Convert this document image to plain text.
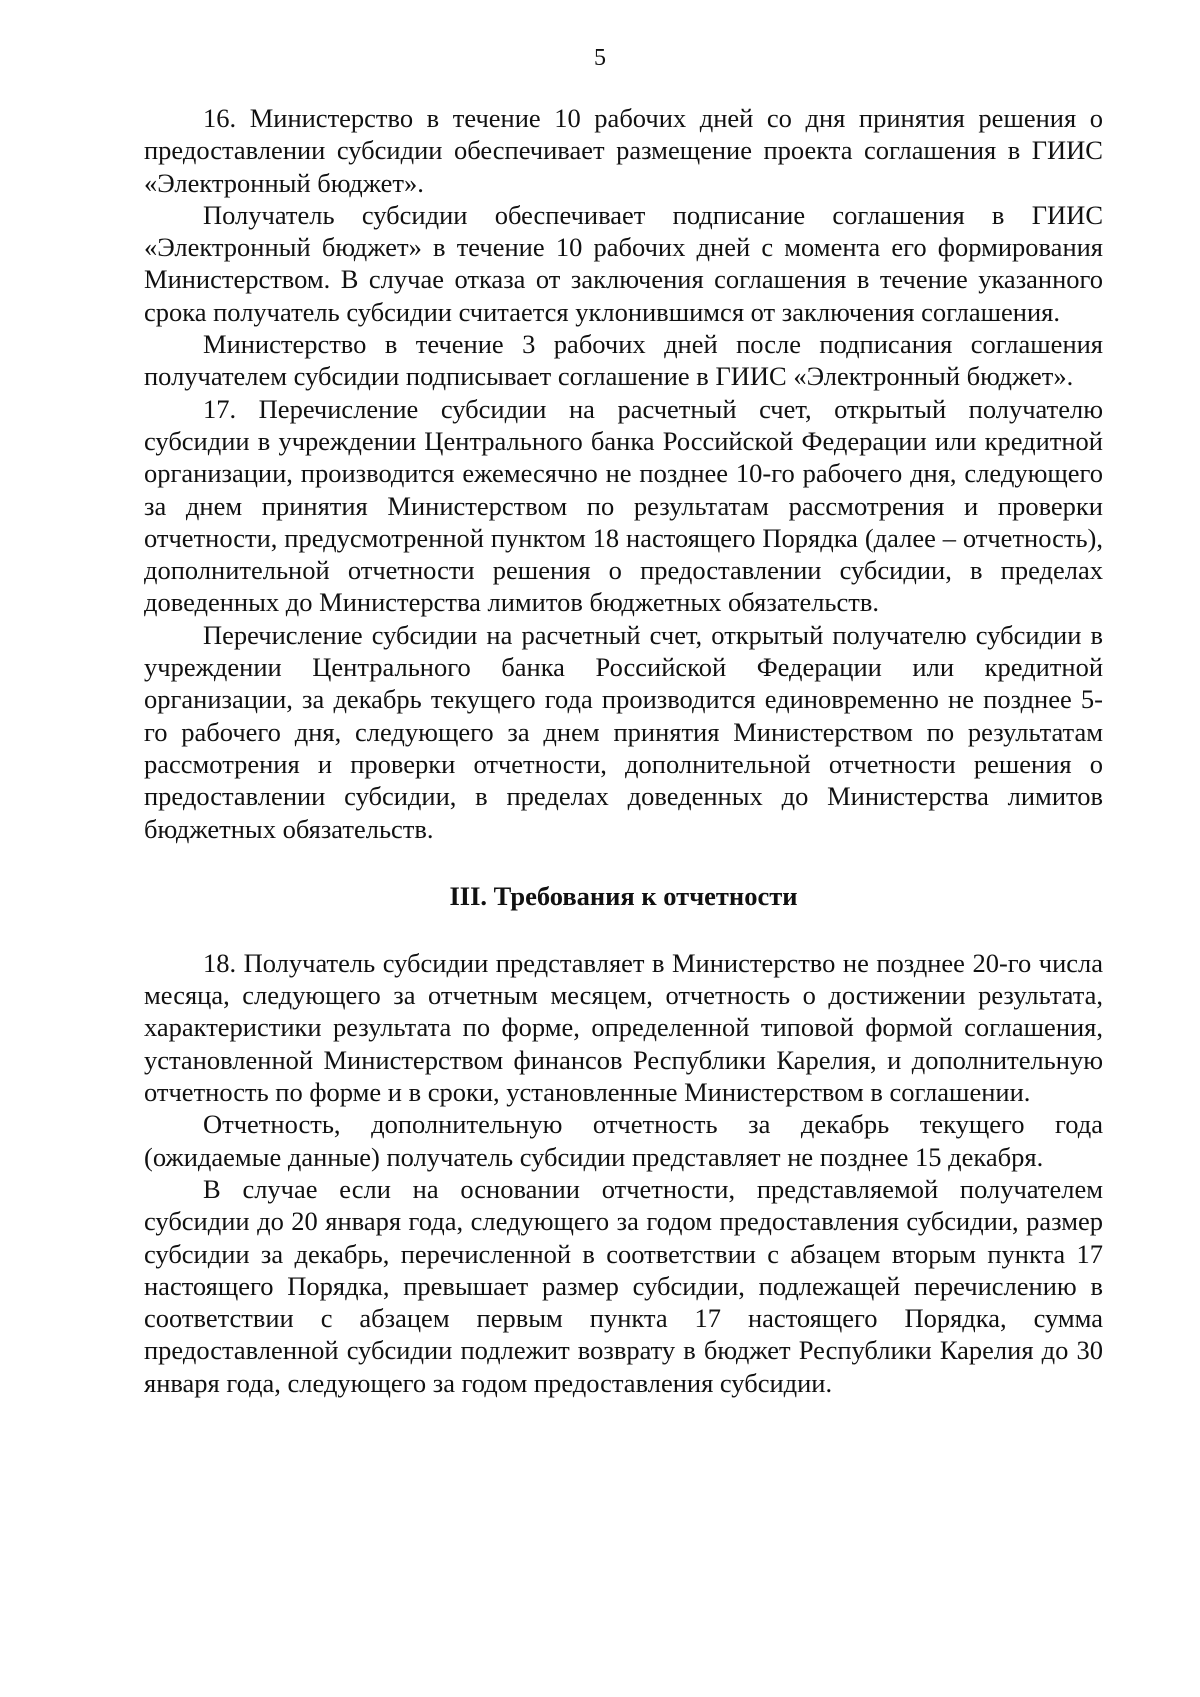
5

16. Министерство в течение 10 рабочих дней со дня принятия решения о предоставлении субсидии обеспечивает размещение проекта соглашения в ГИИС «Электронный бюджет».

Получатель субсидии обеспечивает подписание соглашения в ГИИС «Электронный бюджет» в течение 10 рабочих дней с момента его формирования Министерством. В случае отказа от заключения соглашения в течение указанного срока получатель субсидии считается уклонившимся от заключения соглашения.

Министерство в течение 3 рабочих дней после подписания соглашения получателем субсидии подписывает соглашение в ГИИС «Электронный бюджет».

17. Перечисление субсидии на расчетный счет, открытый получателю субсидии в учреждении Центрального банка Российской Федерации или кредитной организации, производится ежемесячно не позднее 10-го рабочего дня, следующего за днем принятия Министерством по результатам рассмотрения и проверки отчетности, предусмотренной пунктом 18 настоящего Порядка (далее – отчетность), дополнительной отчетности решения о предоставлении субсидии, в пределах доведенных до Министерства лимитов бюджетных обязательств.

Перечисление субсидии на расчетный счет, открытый получателю субсидии в учреждении Центрального банка Российской Федерации или кредитной организации, за декабрь текущего года производится единовременно не позднее 5-го рабочего дня, следующего за днем принятия Министерством по результатам рассмотрения и проверки отчетности, дополнительной отчетности решения о предоставлении субсидии, в пределах доведенных до Министерства лимитов бюджетных обязательств.

III. Требования к отчетности

18. Получатель субсидии представляет в Министерство не позднее 20-го числа месяца, следующего за отчетным месяцем, отчетность о достижении результата, характеристики результата по форме, определенной типовой формой соглашения, установленной Министерством финансов Республики Карелия, и дополнительную отчетность по форме и в сроки, установленные Министерством в соглашении.

Отчетность, дополнительную отчетность за декабрь текущего года (ожидаемые данные) получатель субсидии представляет не позднее 15 декабря.

В случае если на основании отчетности, представляемой получателем субсидии до 20 января года, следующего за годом предоставления субсидии, размер субсидии за декабрь, перечисленной в соответствии с абзацем вторым пункта 17 настоящего Порядка, превышает размер субсидии, подлежащей перечислению в соответствии с абзацем первым пункта 17 настоящего Порядка, сумма предоставленной субсидии подлежит возврату в бюджет Республики Карелия до 30 января года, следующего за годом предоставления субсидии.
